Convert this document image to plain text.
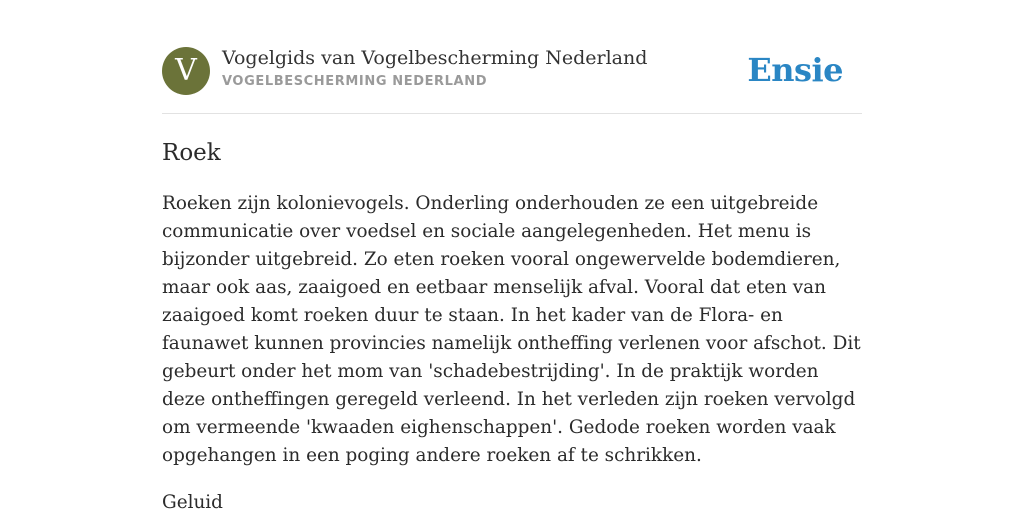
V	Vogelgids van Vogelbescherming Nederland
VOGELBESCHERMING NEDERLAND	Ensie
Roek

Roeken zijn kolonievogels. Onderling onderhouden ze een uitgebreide communicatie over voedsel en sociale aangelegenheden. Het menu is bijzonder uitgebreid. Zo eten roeken vooral ongewervelde bodemdieren, maar ook aas, zaaigoed en eetbaar menselijk afval. Vooral dat eten van zaaigoed komt roeken duur te staan. In het kader van de Flora- en faunawet kunnen provincies namelijk ontheffing verlenen voor afschot. Dit gebeurt onder het mom van 'schadebestrijding'. In de praktijk worden deze ontheffingen geregeld verleend. In het verleden zijn roeken vervolgd om vermeende 'kwaaden eighenschappen'. Gedode roeken worden vaak opgehangen in een poging andere roeken af te schrikken.

Geluid
